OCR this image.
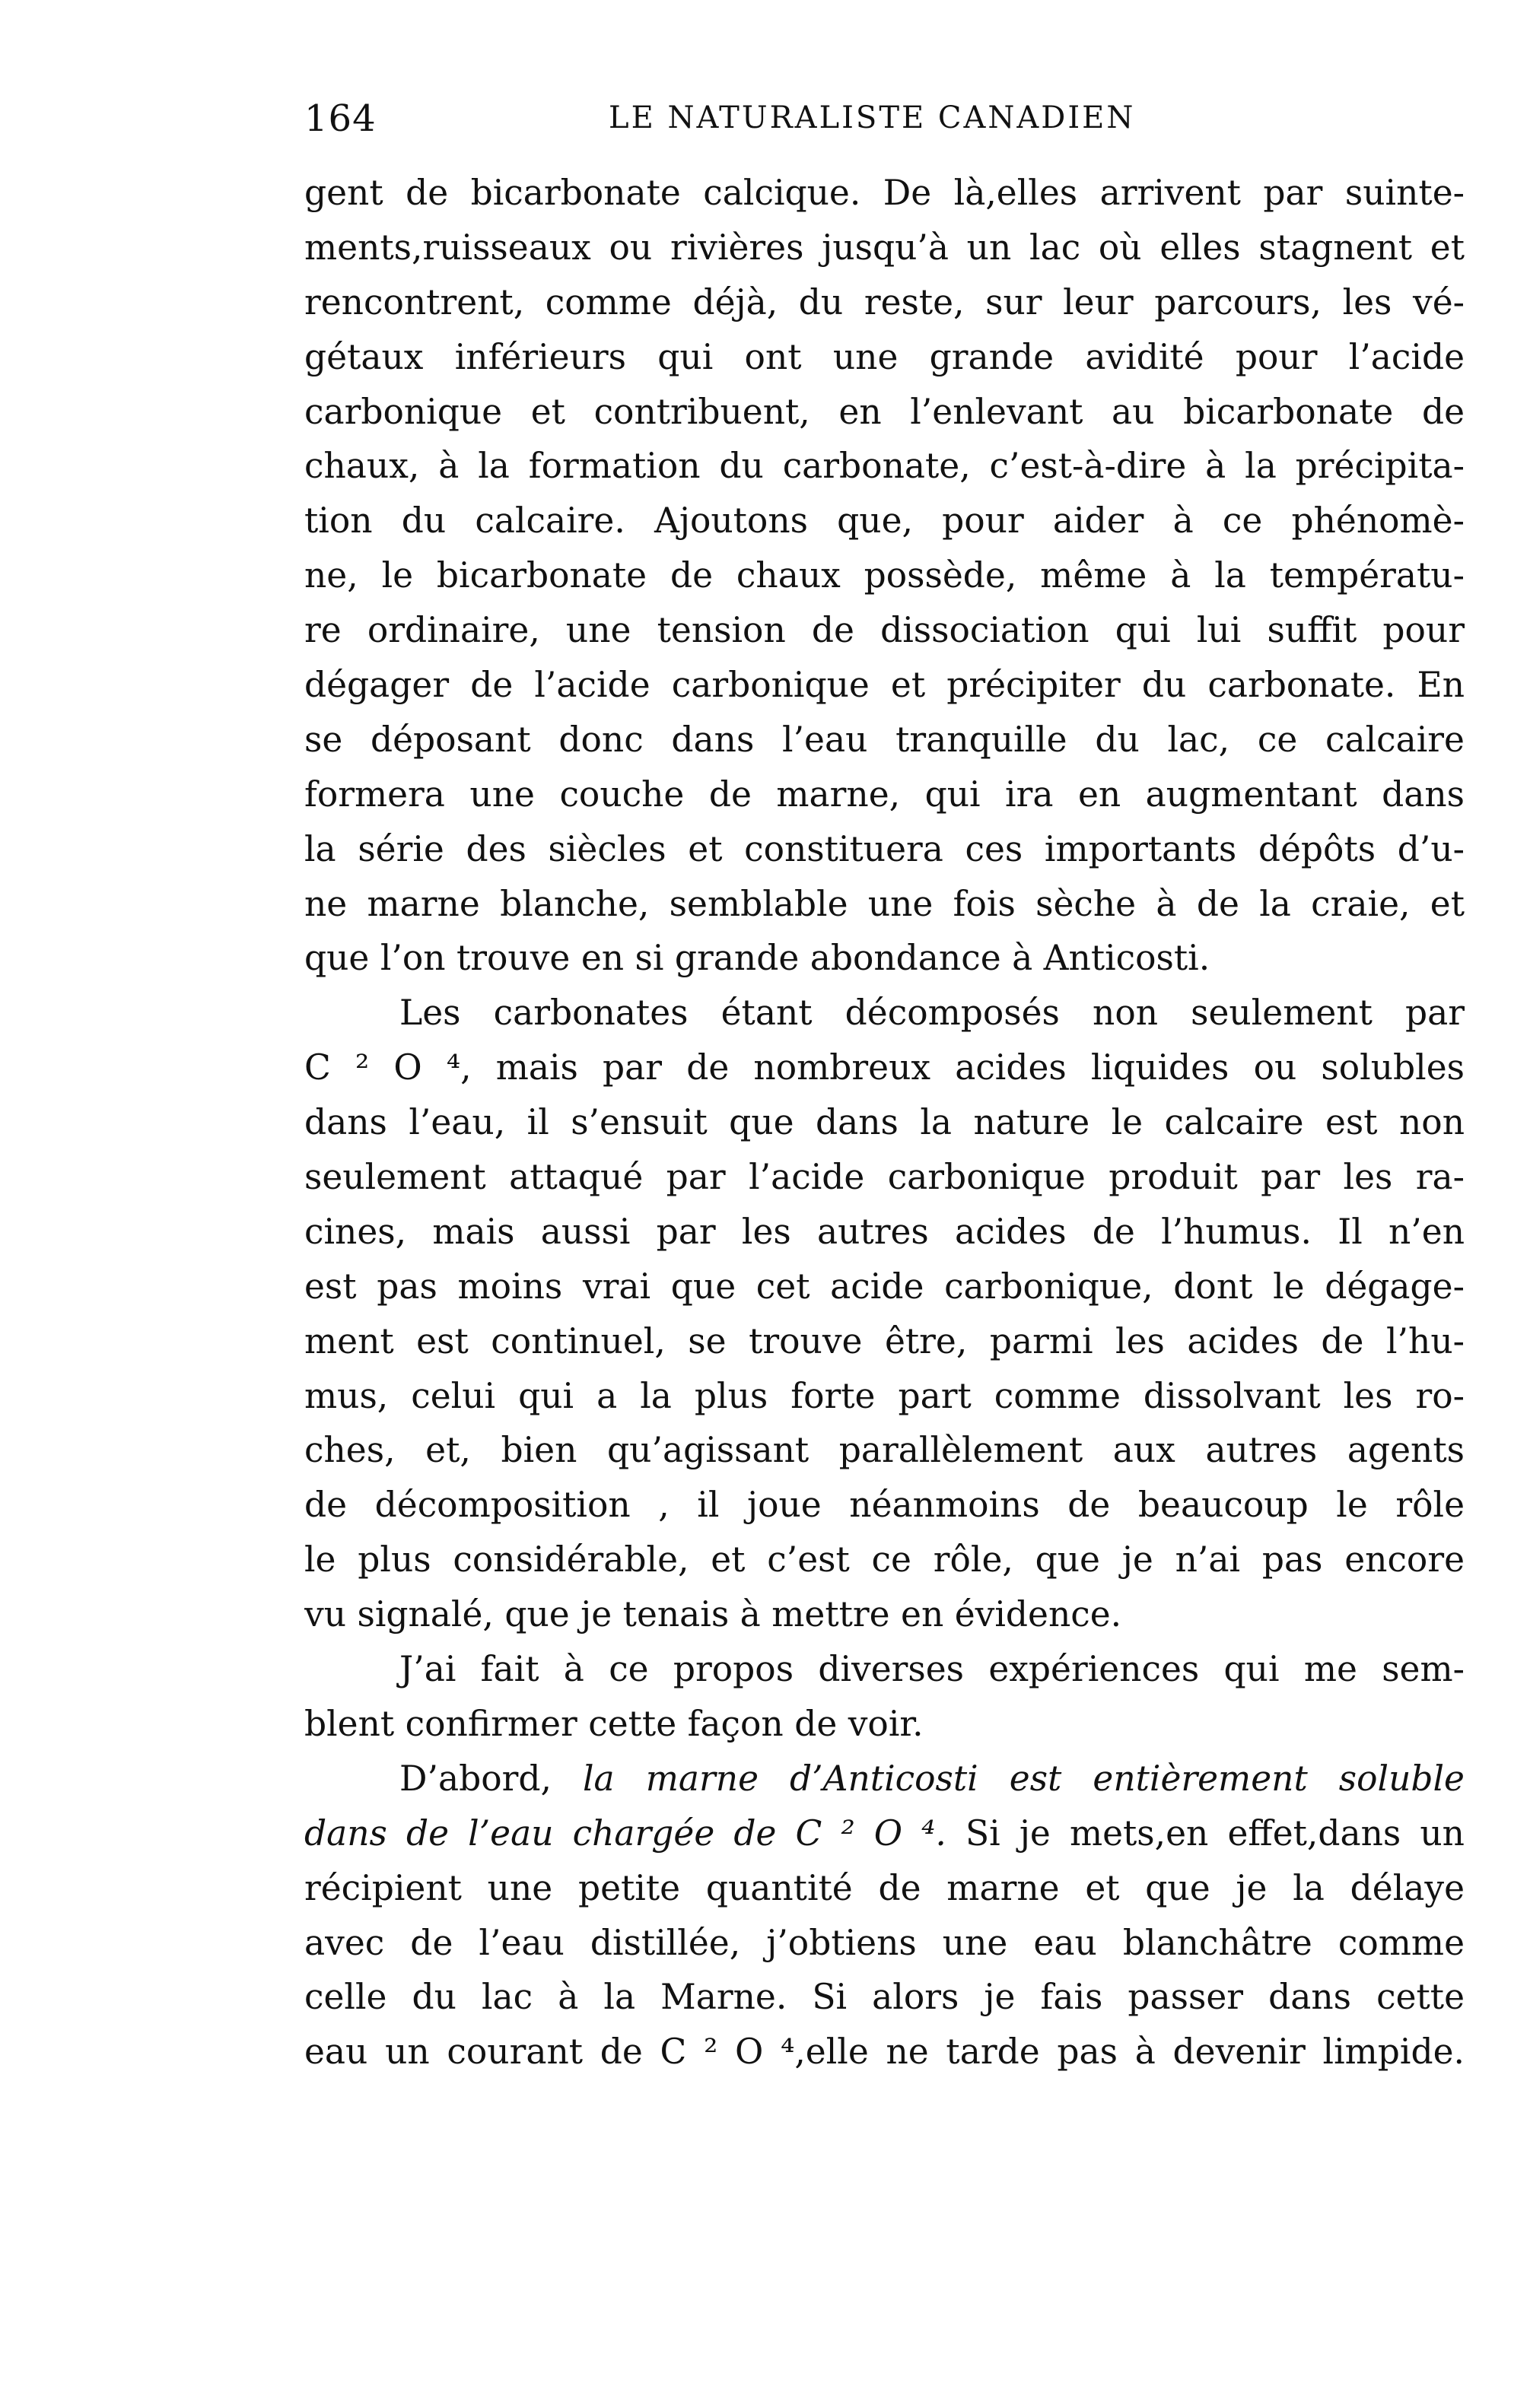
164	LE NATURALISTE CANADIEN
gent de bicarbonate calcique. De là,elles arrivent par suinte-
ments,ruisseaux ou rivières jusqu’à un lac où elles stagnent et
rencontrent, comme déjà, du reste, sur leur parcours, les vé-
gétaux inférieurs qui ont une grande avidité pour l’acide
carbonique et contribuent, en l’enlevant au bicarbonate de
chaux, à la formation du carbonate, c’est-à-dire à la précipita-
tion du calcaire. Ajoutons que, pour aider à ce phénomè-
ne, le bicarbonate de chaux possède, même à la températu-
re ordinaire, une tension de dissociation qui lui suffit pour
dégager de l’acide carbonique et précipiter du carbonate. En
se déposant donc dans l’eau tranquille du lac, ce calcaire
formera une couche de marne, qui ira en augmentant dans
la série des siècles et constituera ces importants dépôts d’u-
ne marne blanche, semblable une fois sèche à de la craie, et
que l’on trouve en si grande abondance à Anticosti.
Les carbonates étant décomposés non seulement par
C ² O ⁴, mais par de nombreux acides liquides ou solubles
dans l’eau, il s’ensuit que dans la nature le calcaire est non
seulement attaqué par l’acide carbonique produit par les ra-
cines, mais aussi par les autres acides de l’humus. Il n’en
est pas moins vrai que cet acide carbonique, dont le dégage-
ment est continuel, se trouve être, parmi les acides de l’hu-
mus, celui qui a la plus forte part comme dissolvant les ro-
ches, et, bien qu’agissant parallèlement aux autres agents
de décomposition , il joue néanmoins de beaucoup le rôle
le plus considérable, et c’est ce rôle, que je n’ai pas encore
vu signalé, que je tenais à mettre en évidence.
J’ai fait à ce propos diverses expériences qui me sem-
blent confirmer cette façon de voir.
D’abord, la marne d’Anticosti est entièrement soluble
dans de l’eau chargée de C ² O ⁴. Si je mets,en effet,dans un
récipient une petite quantité de marne et que je la délaye
avec de l’eau distillée, j’obtiens une eau blanchâtre comme
celle du lac à la Marne. Si alors je fais passer dans cette
eau un courant de C ² O ⁴,elle ne tarde pas à devenir limpide.
